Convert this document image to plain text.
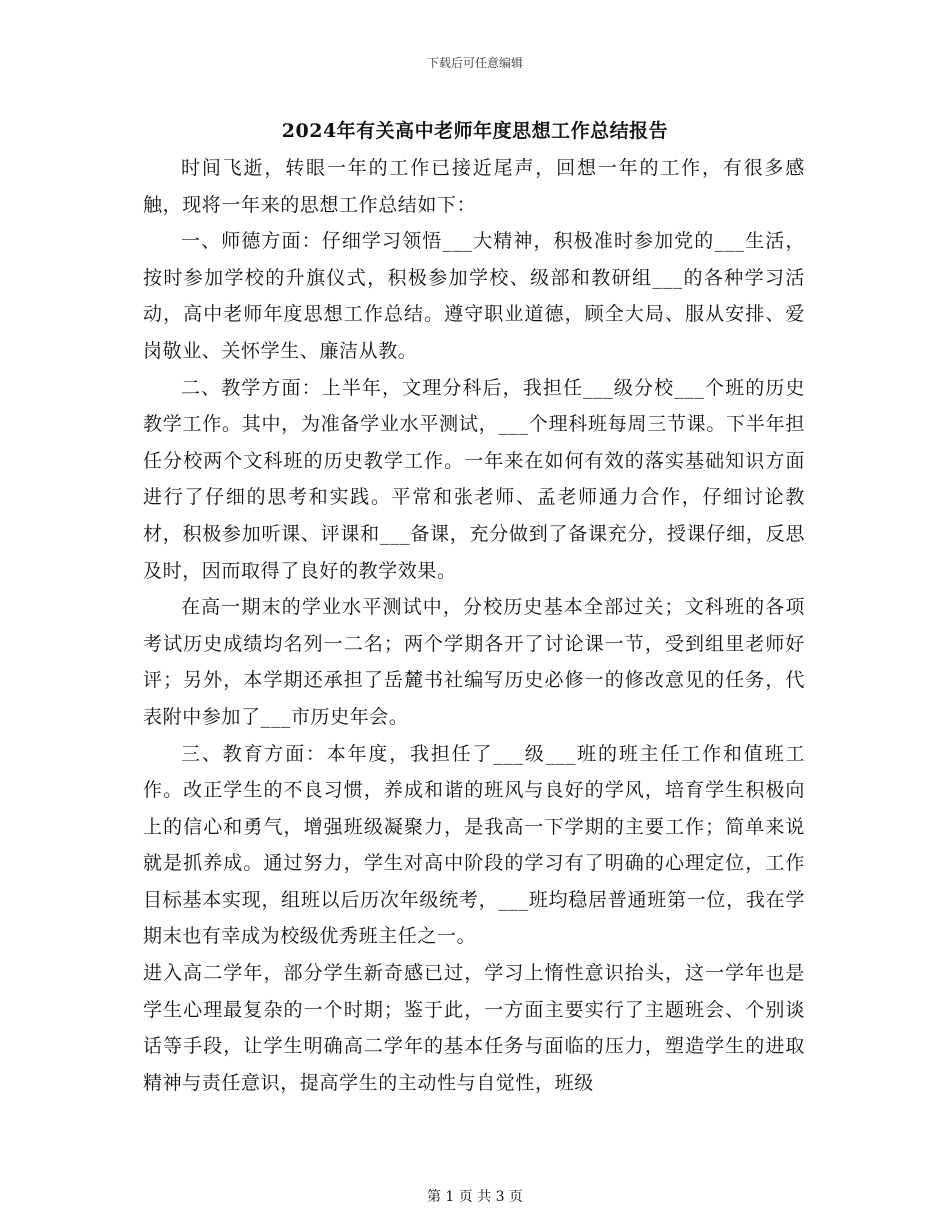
下载后可任意编辑
2024年有关高中老师年度思想工作总结报告

时间飞逝，转眼一年的工作已接近尾声，回想一年的工作，有很多感触，现将一年来的思想工作总结如下：

一、师德方面：仔细学习领悟___大精神，积极准时参加党的___生活，按时参加学校的升旗仪式，积极参加学校、级部和教研组___的各种学习活动，高中老师年度思想工作总结。遵守职业道德，顾全大局、服从安排、爱岗敬业、关怀学生、廉洁从教。

二、教学方面：上半年，文理分科后，我担任___级分校___个班的历史教学工作。其中，为准备学业水平测试，___个理科班每周三节课。下半年担任分校两个文科班的历史教学工作。一年来在如何有效的落实基础知识方面进行了仔细的思考和实践。平常和张老师、孟老师通力合作，仔细讨论教材，积极参加听课、评课和___备课，充分做到了备课充分，授课仔细，反思及时，因而取得了良好的教学效果。

在高一期末的学业水平测试中，分校历史基本全部过关；文科班的各项考试历史成绩均名列一二名；两个学期各开了讨论课一节，受到组里老师好评；另外，本学期还承担了岳麓书社编写历史必修一的修改意见的任务，代表附中参加了___市历史年会。

三、教育方面：本年度，我担任了___级___班的班主任工作和值班工作。改正学生的不良习惯，养成和谐的班风与良好的学风，培育学生积极向上的信心和勇气，增强班级凝聚力，是我高一下学期的主要工作；简单来说就是抓养成。通过努力，学生对高中阶段的学习有了明确的心理定位，工作目标基本实现，组班以后历次年级统考，___班均稳居普通班第一位，我在学期末也有幸成为校级优秀班主任之一。

进入高二学年，部分学生新奇感已过，学习上惰性意识抬头，这一学年也是学生心理最复杂的一个时期；鉴于此，一方面主要实行了主题班会、个别谈话等手段，让学生明确高二学年的基本任务与面临的压力，塑造学生的进取精神与责任意识，提高学生的主动性与自觉性，班级

第 1 页 共 3 页
